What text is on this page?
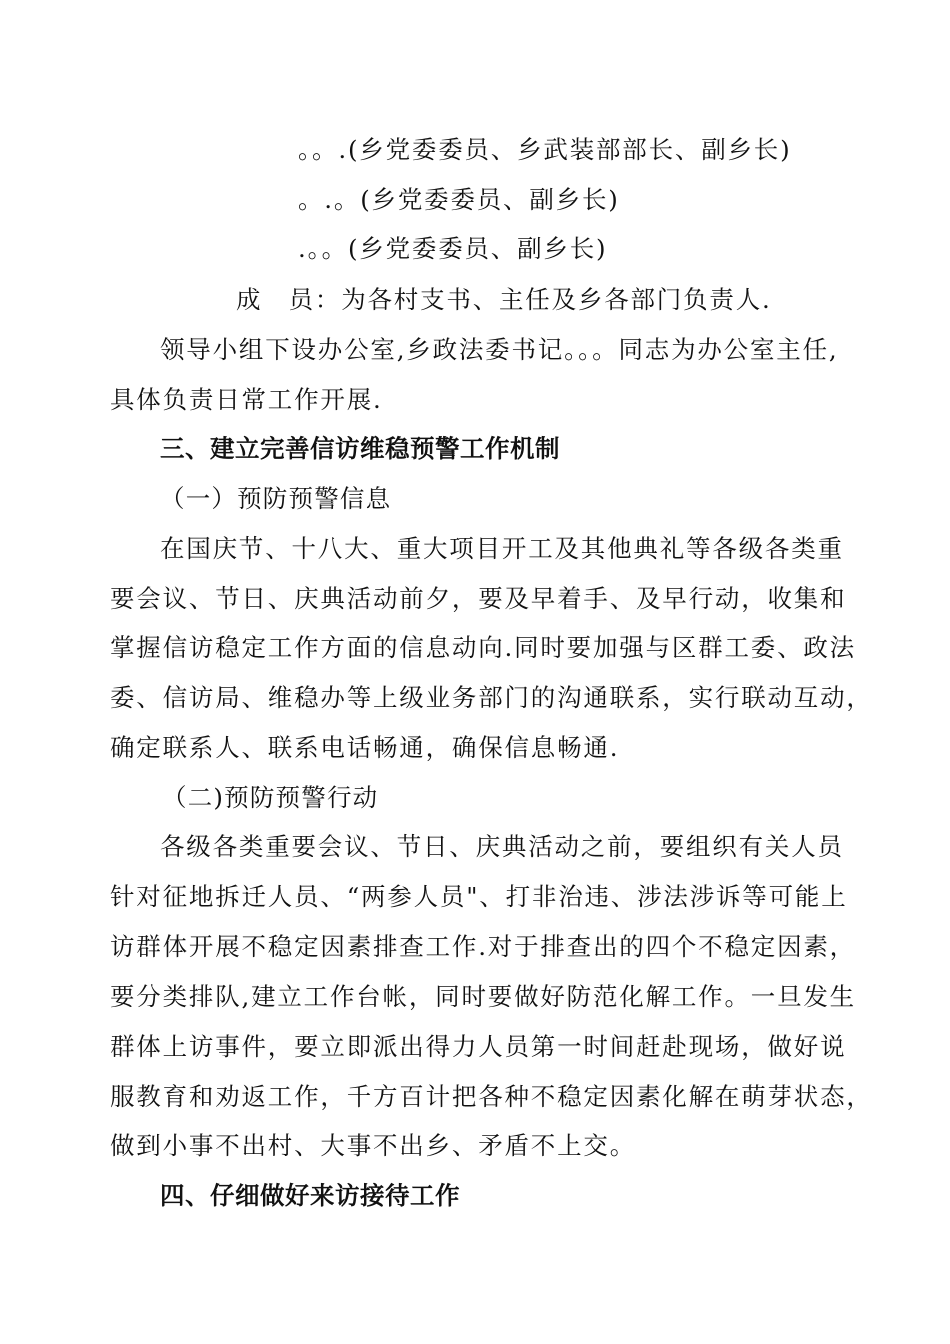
。。.(乡党委委员、乡武装部部长、副乡长)
。.。(乡党委委员、副乡长)
.。。(乡党委委员、副乡长)
成　员：为各村支书、主任及乡各部门负责人.
领导小组下设办公室,乡政法委书记。。。同志为办公室主任,
具体负责日常工作开展.
三、建立完善信访维稳预警工作机制
（一）预防预警信息
在国庆节、十八大、重大项目开工及其他典礼等各级各类重
要会议、节日、庆典活动前夕，要及早着手、及早行动，收集和
掌握信访稳定工作方面的信息动向.同时要加强与区群工委、政法
委、信访局、维稳办等上级业务部门的沟通联系，实行联动互动，
确定联系人、联系电话畅通，确保信息畅通.
（二)预防预警行动
各级各类重要会议、节日、庆典活动之前，要组织有关人员
针对征地拆迁人员、“两参人员"、打非治违、涉法涉诉等可能上
访群体开展不稳定因素排查工作.对于排查出的四个不稳定因素，
要分类排队,建立工作台帐，同时要做好防范化解工作。一旦发生
群体上访事件，要立即派出得力人员第一时间赶赴现场，做好说
服教育和劝返工作，千方百计把各种不稳定因素化解在萌芽状态，
做到小事不出村、大事不出乡、矛盾不上交。
四、仔细做好来访接待工作
